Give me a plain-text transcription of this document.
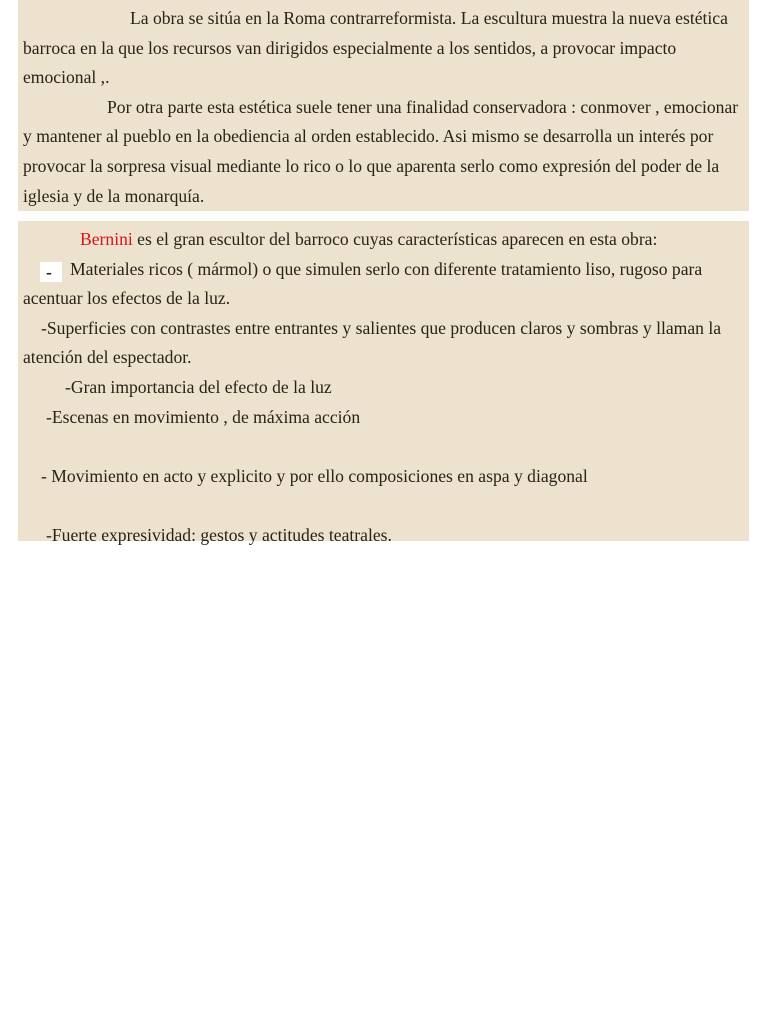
La obra se sitúa en la Roma contrarreformista. La escultura muestra la nueva estética barroca en la que los recursos van dirigidos especialmente a los sentidos, a provocar impacto emocional ,.

Por otra parte esta estética suele tener una finalidad conservadora : conmover , emocionar y mantener al pueblo en la obediencia al orden establecido. Asi mismo se desarrolla un interés por provocar la sorpresa visual mediante lo rico o lo que aparenta serlo como expresión del poder de la iglesia y de la monarquía.

Bernini es el gran escultor del barroco cuyas características aparecen en esta obra:

- Materiales ricos ( mármol) o que simulen serlo con diferente tratamiento liso, rugoso para acentuar los efectos de la luz.

-Superficies con contrastes entre entrantes y salientes que producen claros y sombras y llaman la atención del espectador.

-Gran importancia del efecto de la luz

-Escenas en movimiento , de máxima acción

- Movimiento en acto y explicito y por ello composiciones en aspa y diagonal

-Fuerte expresividad: gestos y actitudes teatrales.
